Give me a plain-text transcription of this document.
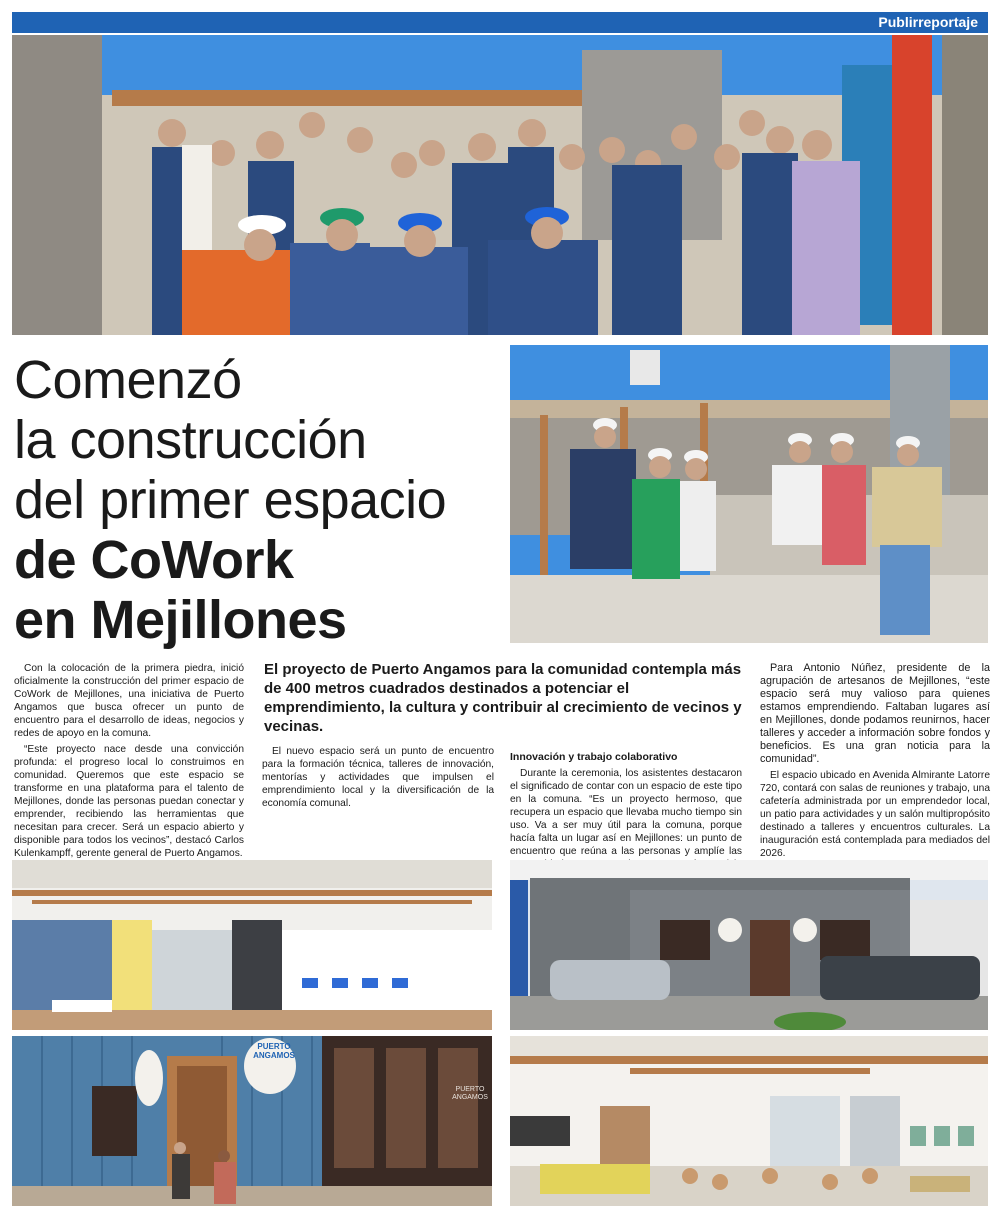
Publirreportaje
Comenzó
la construcción
del primer espacio
de CoWork
en Mejillones
El proyecto de Puerto Angamos para la comunidad contempla más de 400 metros cuadrados destinados a potenciar el emprendimiento, la cultura y contribuir al crecimiento de vecinos y vecinas.

Con la colocación de la primera piedra, inició oficialmente la construcción del primer espacio de CoWork de Mejillones, una iniciativa de Puerto Angamos que busca ofrecer un punto de encuentro para el desarrollo de ideas, negocios y redes de apoyo en la comuna.

“Este proyecto nace desde una convicción profunda: el progreso local lo construimos en comunidad. Queremos que este espacio se transforme en una plataforma para el talento de Mejillones, donde las personas puedan conectar y emprender, recibiendo las herramientas que necesitan para crecer. Será un espacio abierto y disponible para todos los vecinos”, destacó Carlos Kulenkampff, gerente general de Puerto Angamos.

El nuevo espacio será un punto de encuentro para la formación técnica, talleres de innovación, mentorías y actividades que impulsen el emprendimiento local y la diversificación de la economía comunal.

Innovación y trabajo colaborativo

Durante la ceremonia, los asistentes destacaron el significado de contar con un espacio de este tipo en la comuna. “Es un proyecto hermoso, que recupera un espacio que llevaba mucho tiempo sin uso. Va a ser muy útil para la comuna, porque hacía falta un lugar así en Mejillones: un punto de encuentro que reúna a las personas y amplíe las

Para Antonio Núñez, presidente de la agrupación de artesanos de Mejillones, “este espacio será muy valioso para quienes estamos emprendiendo. Faltaban lugares así en Mejillones, donde podamos reunirnos, hacer talleres y acceder a información sobre fondos y beneficios. Es una gran noticia para la comunidad”.

El espacio ubicado en Avenida Almirante Latorre 720, contará con salas de reuniones y trabajo, una cafetería administrada por un emprendedor local, un patio para actividades y un salón multipropósito destinado a talleres y encuentros culturales. La inauguración está contemplada para mediados del 2026.

PUERTO
ANGAMOS
PUERTO
ANGAMOS
